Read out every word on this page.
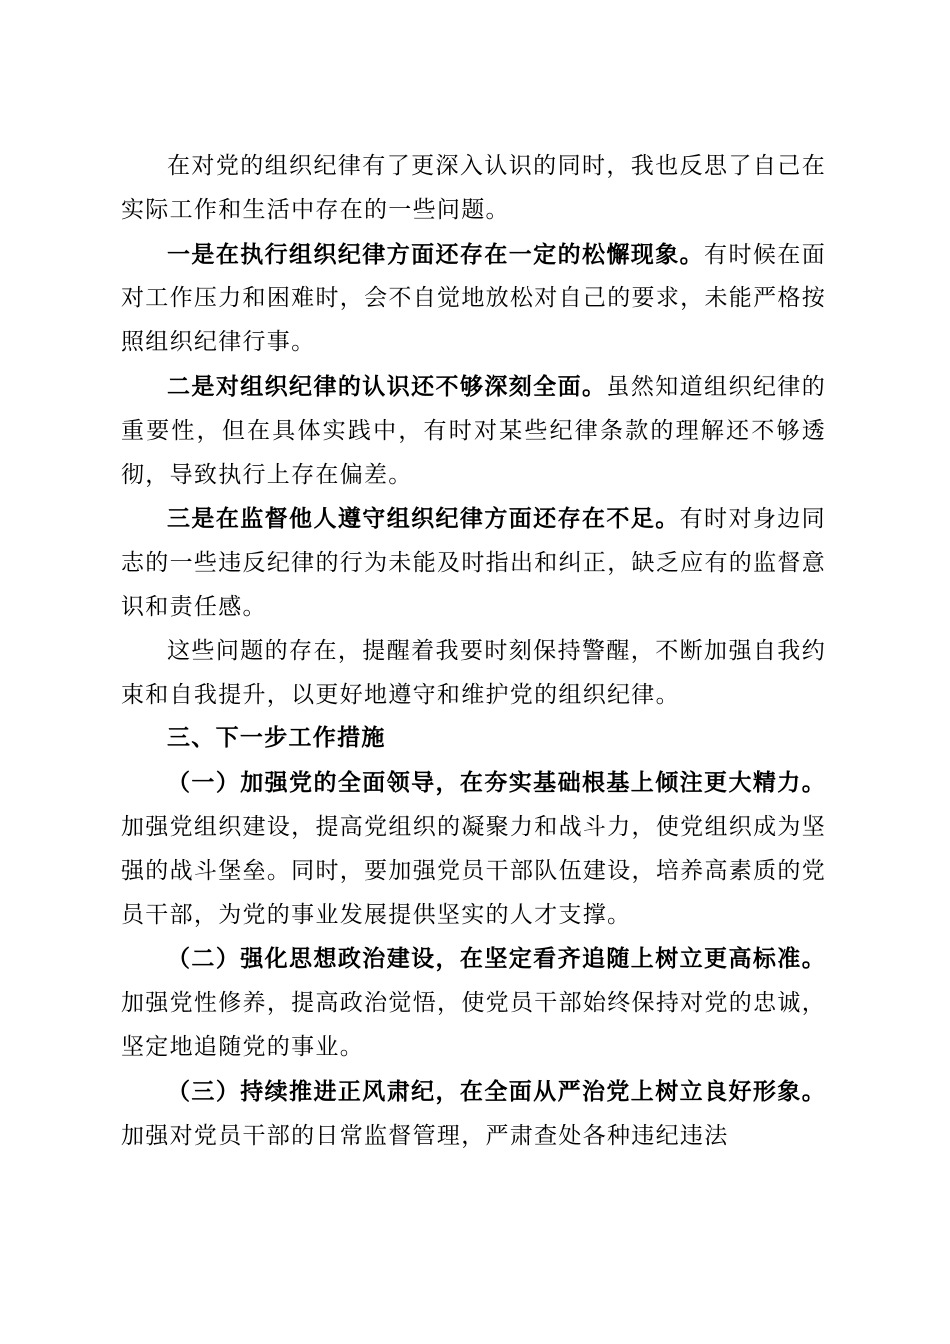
在对党的组织纪律有了更深入认识的同时，我也反思了自己在实际工作和生活中存在的一些问题。

一是在执行组织纪律方面还存在一定的松懈现象。有时候在面对工作压力和困难时，会不自觉地放松对自己的要求，未能严格按照组织纪律行事。

二是对组织纪律的认识还不够深刻全面。虽然知道组织纪律的重要性，但在具体实践中，有时对某些纪律条款的理解还不够透彻，导致执行上存在偏差。

三是在监督他人遵守组织纪律方面还存在不足。有时对身边同志的一些违反纪律的行为未能及时指出和纠正，缺乏应有的监督意识和责任感。

这些问题的存在，提醒着我要时刻保持警醒，不断加强自我约束和自我提升，以更好地遵守和维护党的组织纪律。

三、下一步工作措施

（一）加强党的全面领导，在夯实基础根基上倾注更大精力。加强党组织建设，提高党组织的凝聚力和战斗力，使党组织成为坚强的战斗堡垒。同时，要加强党员干部队伍建设，培养高素质的党员干部，为党的事业发展提供坚实的人才支撑。

（二）强化思想政治建设，在坚定看齐追随上树立更高标准。加强党性修养，提高政治觉悟，使党员干部始终保持对党的忠诚，坚定地追随党的事业。

（三）持续推进正风肃纪，在全面从严治党上树立良好形象。加强对党员干部的日常监督管理，严肃查处各种违纪违法
